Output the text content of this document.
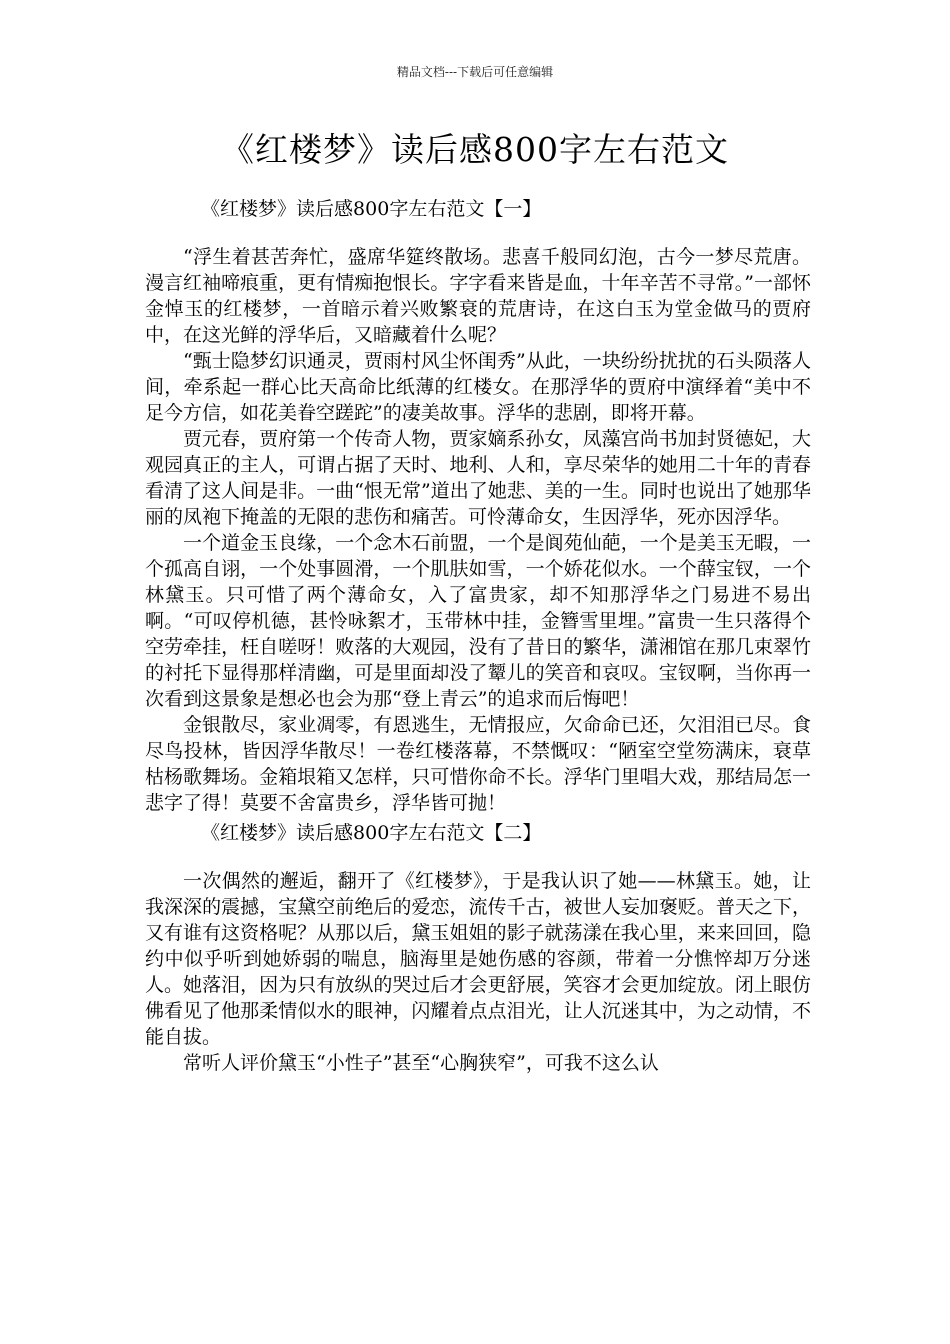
精品文档---下载后可任意编辑
《红楼梦》读后感800字左右范文

《红楼梦》读后感800字左右范文【一】

“浮生着甚苦奔忙，盛席华筵终散场。悲喜千般同幻泡，古今一梦尽荒唐。漫言红袖啼痕重，更有情痴抱恨长。字字看来皆是血，十年辛苦不寻常。”一部怀金悼玉的红楼梦，一首暗示着兴败繁衰的荒唐诗，在这白玉为堂金做马的贾府中，在这光鲜的浮华后，又暗藏着什么呢？

“甄士隐梦幻识通灵，贾雨村风尘怀闺秀”从此，一块纷纷扰扰的石头陨落人间，牵系起一群心比天高命比纸薄的红楼女。在那浮华的贾府中演绎着“美中不足今方信，如花美眷空蹉跎”的凄美故事。浮华的悲剧，即将开幕。

贾元春，贾府第一个传奇人物，贾家嫡系孙女，凤藻宫尚书加封贤德妃，大观园真正的主人，可谓占据了天时、地利、人和，享尽荣华的她用二十年的青春看清了这人间是非。一曲“恨无常”道出了她悲、美的一生。同时也说出了她那华丽的凤袍下掩盖的无限的悲伤和痛苦。可怜薄命女，生因浮华，死亦因浮华。

一个道金玉良缘，一个念木石前盟，一个是阆苑仙葩，一个是美玉无暇，一个孤高自诩，一个处事圆滑，一个肌肤如雪，一个娇花似水。一个薛宝钗，一个林黛玉。只可惜了两个薄命女，入了富贵家，却不知那浮华之门易进不易出啊。“可叹停机德，甚怜咏絮才，玉带林中挂，金簪雪里埋。”富贵一生只落得个空劳牵挂，枉自嗟呀！败落的大观园，没有了昔日的繁华，潇湘馆在那几束翠竹的衬托下显得那样清幽，可是里面却没了颦儿的笑音和哀叹。宝钗啊，当你再一次看到这景象是想必也会为那“登上青云”的追求而后悔吧！

金银散尽，家业凋零，有恩逃生，无情报应，欠命命已还，欠泪泪已尽。食尽鸟投林，皆因浮华散尽！一卷红楼落幕，不禁慨叹：“陋室空堂笏满床，衰草枯杨歌舞场。金箱垠箱又怎样，只可惜你命不长。浮华门里唱大戏，那结局怎一悲字了得！莫要不舍富贵乡，浮华皆可抛！

《红楼梦》读后感800字左右范文【二】

一次偶然的邂逅，翻开了《红楼梦》，于是我认识了她——林黛玉。她，让我深深的震撼，宝黛空前绝后的爱恋，流传千古，被世人妄加褒贬。普天之下，又有谁有这资格呢？从那以后，黛玉姐姐的影子就荡漾在我心里，来来回回，隐约中似乎听到她娇弱的喘息，脑海里是她伤感的容颜，带着一分憔悴却万分迷人。她落泪，因为只有放纵的哭过后才会更舒展，笑容才会更加绽放。闭上眼仿佛看见了他那柔情似水的眼神，闪耀着点点泪光，让人沉迷其中，为之动情，不能自拔。

常听人评价黛玉“小性子”甚至“心胸狭窄”，可我不这么认
